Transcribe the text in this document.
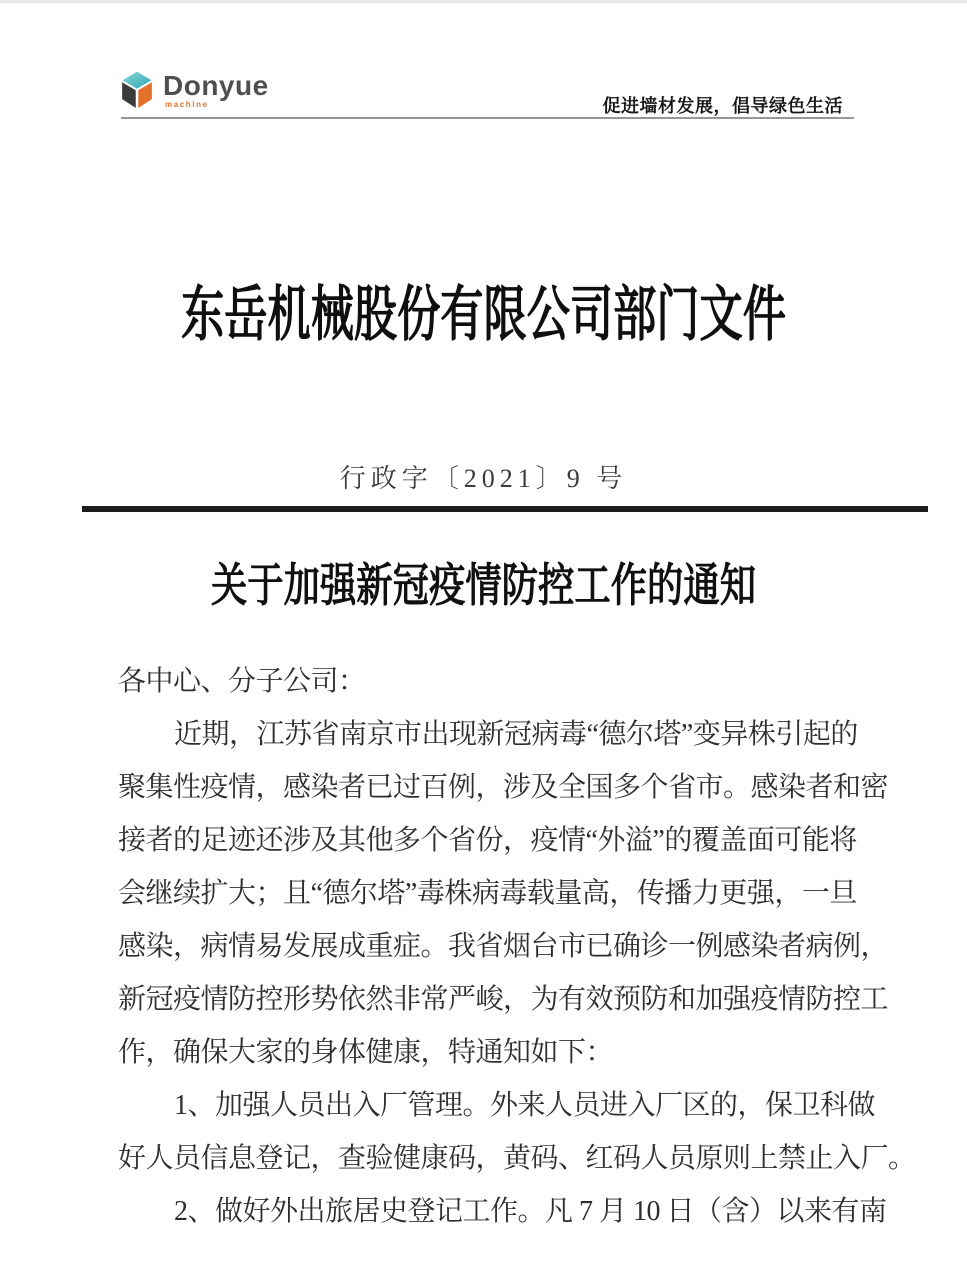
Donyue
machine	促进墙材发展，倡导绿色生活
东岳机械股份有限公司部门文件
行政字〔2021〕9 号
关于加强新冠疫情防控工作的通知
各中心、分子公司：
近期，江苏省南京市出现新冠病毒“德尔塔”变异株引起的
聚集性疫情，感染者已过百例，涉及全国多个省市。感染者和密
接者的足迹还涉及其他多个省份，疫情“外溢”的覆盖面可能将
会继续扩大；且“德尔塔”毒株病毒载量高，传播力更强，一旦
感染，病情易发展成重症。我省烟台市已确诊一例感染者病例，
新冠疫情防控形势依然非常严峻，为有效预防和加强疫情防控工
作，确保大家的身体健康，特通知如下：
1、加强人员出入厂管理。外来人员进入厂区的，保卫科做
好人员信息登记，查验健康码，黄码、红码人员原则上禁止入厂。
2、做好外出旅居史登记工作。凡 7 月 10 日（含）以来有南
